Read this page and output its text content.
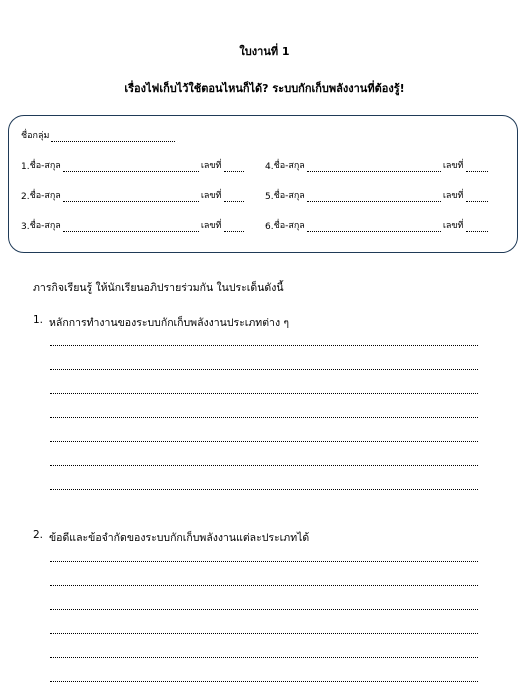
ใบงานที่ 1
เรื่องไฟเก็บไว้ใช้ตอนไหนก็ได้? ระบบกักเก็บพลังงานที่ต้องรู้!
ชื่อกลุ่ม
1. ชื่อ-สกุล	เลขที่
2. ชื่อ-สกุล	เลขที่
3. ชื่อ-สกุล	เลขที่
4. ชื่อ-สกุล	เลขที่
5. ชื่อ-สกุล	เลขที่
6. ชื่อ-สกุล	เลขที่
ภารกิจเรียนรู้ ให้นักเรียนอภิปรายร่วมกัน ในประเด็นดังนี้
1. หลักการทำงานของระบบกักเก็บพลังงานประเภทต่าง ๆ
2. ข้อดีและข้อจำกัดของระบบกักเก็บพลังงานแต่ละประเภทได้
